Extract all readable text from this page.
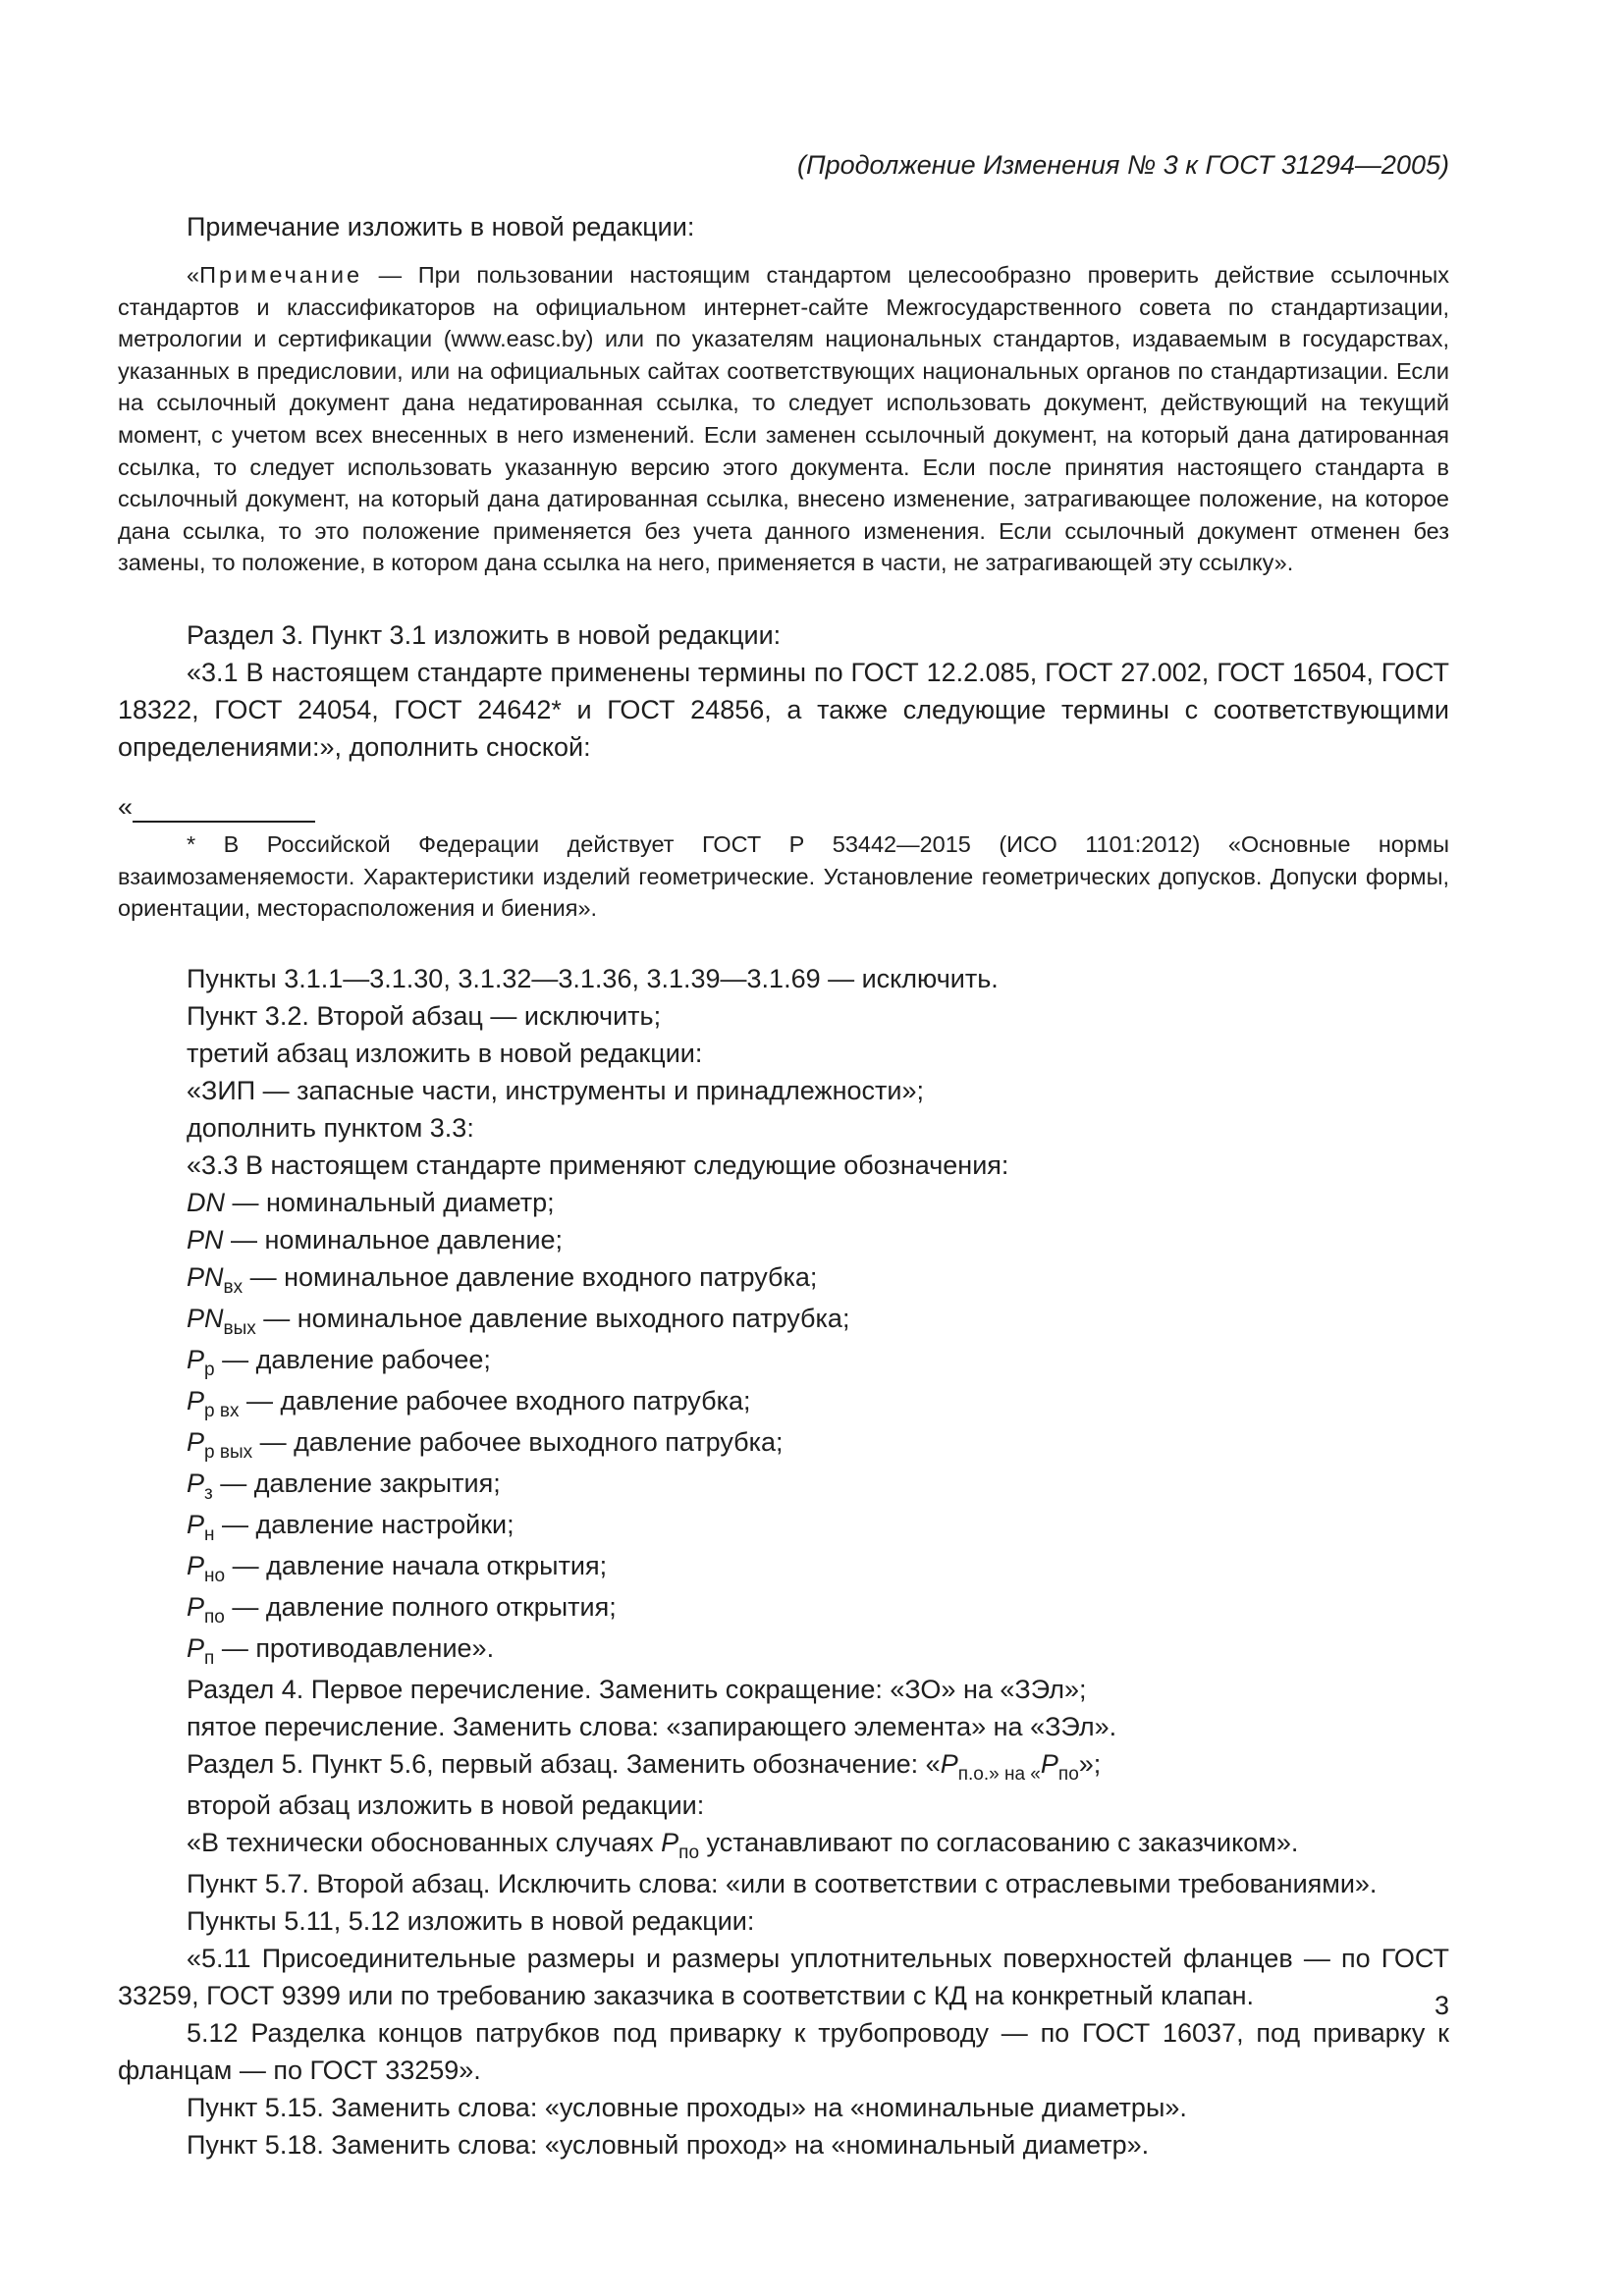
(Продолжение Изменения № 3 к ГОСТ 31294—2005)

Примечание изложить в новой редакции:

«Примечание — При пользовании настоящим стандартом целесообразно проверить действие ссылочных стандартов и классификаторов на официальном интернет-сайте Межгосударственного совета по стандартизации, метрологии и сертификации (www.easc.by) или по указателям национальных стандартов, издаваемым в государствах, указанных в предисловии, или на официальных сайтах соответствующих национальных органов по стандартизации. Если на ссылочный документ дана недатированная ссылка, то следует использовать документ, действующий на текущий момент, с учетом всех внесенных в него изменений. Если заменен ссылочный документ, на который дана датированная ссылка, то следует использовать указанную версию этого документа. Если после принятия настоящего стандарта в ссылочный документ, на который дана датированная ссылка, внесено изменение, затрагивающее положение, на которое дана ссылка, то это положение применяется без учета данного изменения. Если ссылочный документ отменен без замены, то положение, в котором дана ссылка на него, применяется в части, не затрагивающей эту ссылку».

Раздел 3. Пункт 3.1 изложить в новой редакции:

«3.1 В настоящем стандарте применены термины по ГОСТ 12.2.085, ГОСТ 27.002, ГОСТ 16504, ГОСТ 18322, ГОСТ 24054, ГОСТ 24642* и ГОСТ 24856, а также следующие термины с соответствующими определениями:», дополнить сноской:

«

* В Российской Федерации действует ГОСТ Р 53442—2015 (ИСО 1101:2012) «Основные нормы взаимозаменяемости. Характеристики изделий геометрические. Установление геометрических допусков. Допуски формы, ориентации, месторасположения и биения».

Пункты 3.1.1—3.1.30, 3.1.32—3.1.36, 3.1.39—3.1.69 — исключить.

Пункт 3.2. Второй абзац — исключить;

третий абзац изложить в новой редакции:

«ЗИП — запасные части, инструменты и принадлежности»;

дополнить пунктом 3.3:

«3.3 В настоящем стандарте применяют следующие обозначения:

DN — номинальный диаметр;

PN — номинальное давление;

$PN_{вх}$ — номинальное давление входного патрубка;

$PN_{вых}$ — номинальное давление выходного патрубка;

$P_р$ — давление рабочее;

$P_{р вх}$ — давление рабочее входного патрубка;

$P_{р вых}$ — давление рабочее выходного патрубка;

$P_з$ — давление закрытия;

$P_н$ — давление настройки;

$P_{но}$ — давление начала открытия;

$P_{по}$ — давление полного открытия;

$P_п$ — противодавление».

Раздел 4. Первое перечисление. Заменить сокращение: «ЗО» на «ЗЭл»;

пятое перечисление. Заменить слова: «запирающего элемента» на «ЗЭл».

Раздел 5. Пункт 5.6, первый абзац. Заменить обозначение: «$P_{п.о.» на «}P_{по}$»;

второй абзац изложить в новой редакции:

«В технически обоснованных случаях $P_{по}$ устанавливают по согласованию с заказчиком».

Пункт 5.7. Второй абзац. Исключить слова: «или в соответствии с отраслевыми требованиями».

Пункты 5.11, 5.12 изложить в новой редакции:

«5.11 Присоединительные размеры и размеры уплотнительных поверхностей фланцев — по ГОСТ 33259, ГОСТ 9399 или по требованию заказчика в соответствии с КД на конкретный клапан.

5.12 Разделка концов патрубков под приварку к трубопроводу — по ГОСТ 16037, под приварку к фланцам — по ГОСТ 33259».

Пункт 5.15. Заменить слова: «условные проходы» на «номинальные диаметры».

Пункт 5.18. Заменить слова: «условный проход» на «номинальный диаметр».

3
